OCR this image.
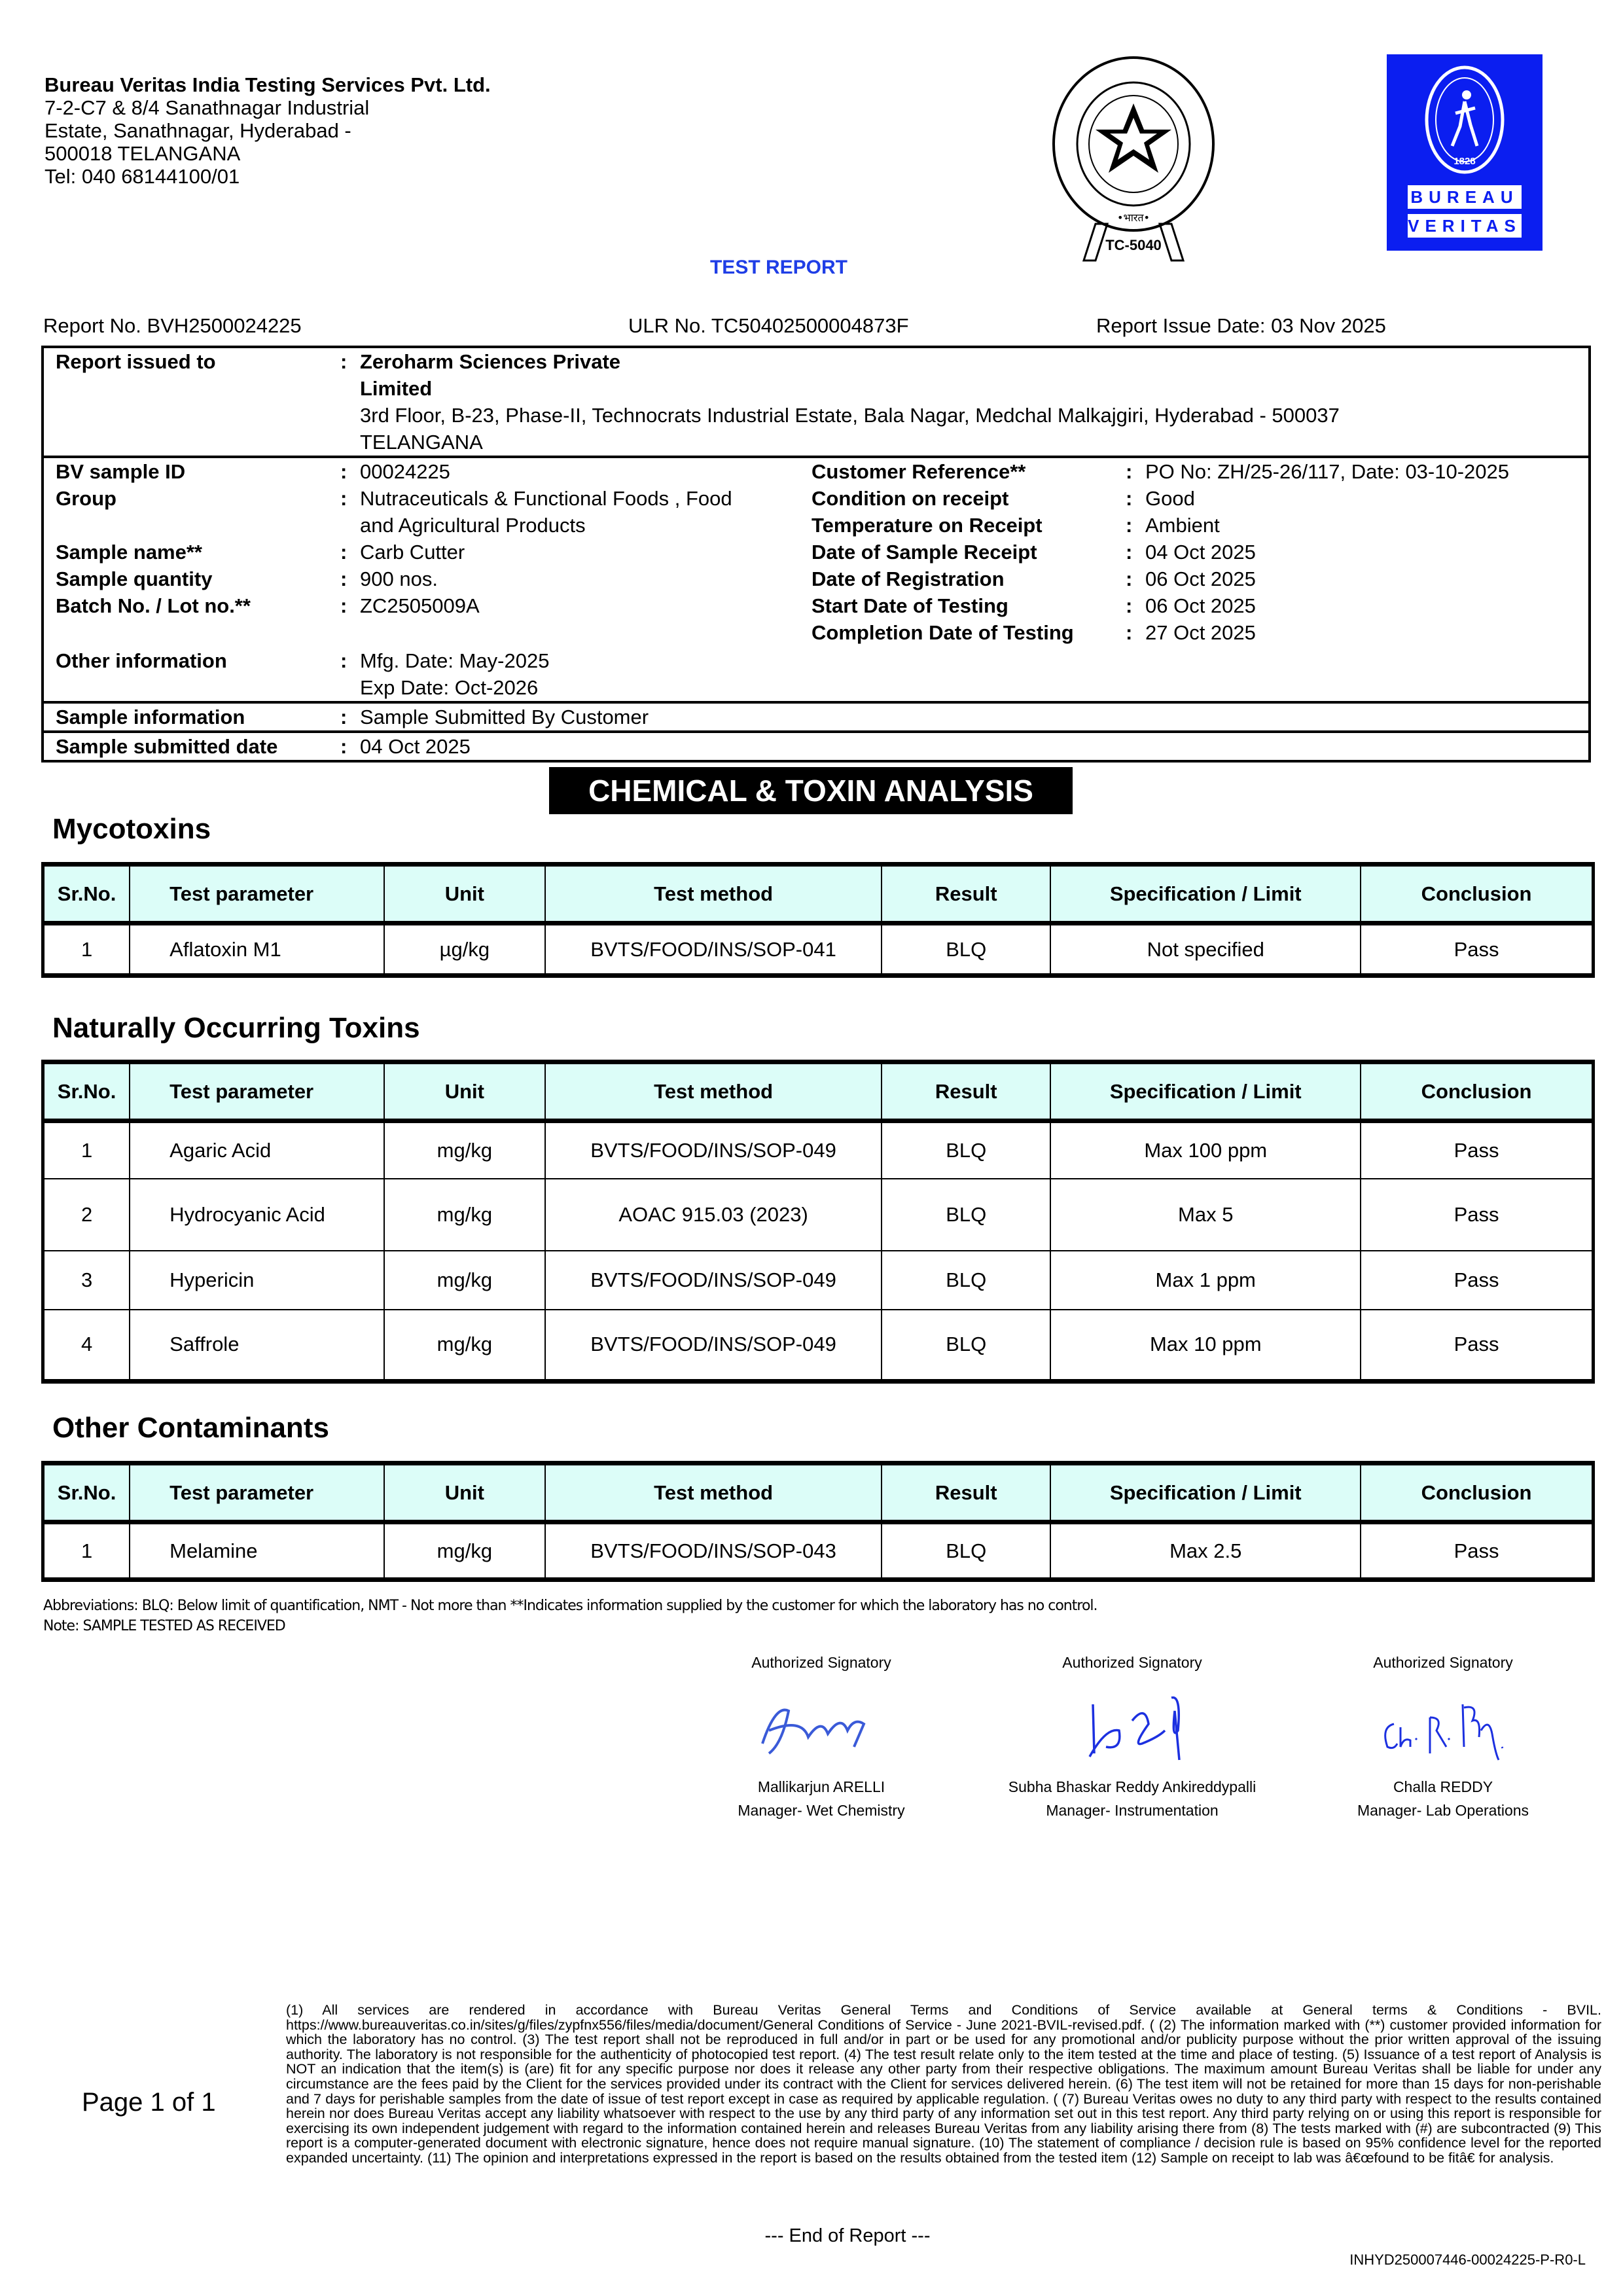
Bureau Veritas India Testing Services Pvt. Ltd.
7-2-C7 & 8/4 Sanathnagar Industrial
Estate, Sanathnagar, Hyderabad -
500018 TELANGANA
Tel: 040 68144100/01
•भारत•
TC-5040
1828
BUREAU
VERITAS
TEST REPORT
Report No. BVH2500024225	ULR No. TC50402500004873F	Report Issue Date: 03 Nov 2025
Report issued to	: Zeroharm Sciences Private Limited
3rd Floor, B-23, Phase-II, Technocrats Industrial Estate, Bala Nagar, Medchal Malkajgiri, Hyderabad - 500037
TELANGANA
BV sample ID	: 00024225
Group	: Nutraceuticals & Functional Foods , Food
and Agricultural Products
Sample name**	: Carb Cutter
Sample quantity	: 900 nos.
Batch No. / Lot no.**	: ZC2505009A
Customer Reference**	: PO No: ZH/25-26/117, Date: 03-10-2025
Condition on receipt	: Good
Temperature on Receipt	: Ambient
Date of Sample Receipt	: 04 Oct 2025
Date of Registration	: 06 Oct 2025
Start Date of Testing	: 06 Oct 2025
Completion Date of Testing	: 27 Oct 2025
Other information	: Mfg. Date: May-2025
Exp Date: Oct-2026
Sample information	: Sample Submitted By Customer
Sample submitted date	: 04 Oct 2025
CHEMICAL & TOXIN ANALYSIS
Mycotoxins
Naturally Occurring Toxins
Other Contaminants
Sr.No.	Test parameter	Unit	Test method	Result	Specification / Limit	Conclusion
1	Aflatoxin M1	µg/kg	BVTS/FOOD/INS/SOP-041	BLQ	Not specified	Pass
Sr.No.	Test parameter	Unit	Test method	Result	Specification / Limit	Conclusion
1	Agaric Acid	mg/kg	BVTS/FOOD/INS/SOP-049	BLQ	Max 100 ppm	Pass
2	Hydrocyanic Acid	mg/kg	AOAC 915.03 (2023)	BLQ	Max 5	Pass
3	Hypericin	mg/kg	BVTS/FOOD/INS/SOP-049	BLQ	Max 1 ppm	Pass
4	Saffrole	mg/kg	BVTS/FOOD/INS/SOP-049	BLQ	Max 10 ppm	Pass
Sr.No.	Test parameter	Unit	Test method	Result	Specification / Limit	Conclusion
1	Melamine	mg/kg	BVTS/FOOD/INS/SOP-043	BLQ	Max 2.5	Pass
Abbreviations: BLQ: Below limit of quantification, NMT - Not more than **Indicates information supplied by the customer for which the laboratory has no control.
Note: SAMPLE TESTED AS RECEIVED
Authorized Signatory
Mallikarjun ARELLI
Manager- Wet Chemistry
Authorized Signatory
Subha Bhaskar Reddy Ankireddypalli
Manager- Instrumentation
Authorized Signatory
Challa REDDY
Manager- Lab Operations
Page 1 of 1
(1) All services are rendered in accordance with Bureau Veritas General Terms and Conditions of Service available at General terms & Conditions - BVIL. https://www.bureauveritas.co.in/sites/g/files/zypfnx556/files/media/document/General Conditions of Service - June 2021-BVIL-revised.pdf. ( (2) The information marked with (**) customer provided information for which the laboratory has no control. (3) The test report shall not be reproduced in full and/or in part or be used for any promotional and/or publicity purpose without the prior written approval of the issuing authority. The laboratory is not responsible for the authenticity of photocopied test report. (4) The test result relate only to the item tested at the time and place of testing. (5) Issuance of a test report of Analysis is NOT an indication that the item(s) is (are) fit for any specific purpose nor does it release any other party from their respective obligations. The maximum amount Bureau Veritas shall be liable for under any circumstance are the fees paid by the Client for the services provided under its contract with the Client for services delivered herein. (6) The test item will not be retained for more than 15 days for non-perishable and 7 days for perishable samples from the date of issue of test report except in case as required by applicable regulation. ( (7) Bureau Veritas owes no duty to any third party with respect to the results contained herein nor does Bureau Veritas accept any liability whatsoever with respect to the use by any third party of any information set out in this test report. Any third party relying on or using this report is responsible for exercising its own independent judgement with regard to the information contained herein and releases Bureau Veritas from any liability arising there from (8) The tests marked with (#) are subcontracted (9) This report is a computer-generated document with electronic signature, hence does not require manual signature. (10) The statement of compliance / decision rule is based on 95% confidence level for the reported expanded uncertainty. (11) The opinion and interpretations expressed in the report is based on the results obtained from the tested item (12) Sample on receipt to lab was â€œfound to be fitâ€ for analysis.
--- End of Report ---
INHYD250007446-00024225-P-R0-L
